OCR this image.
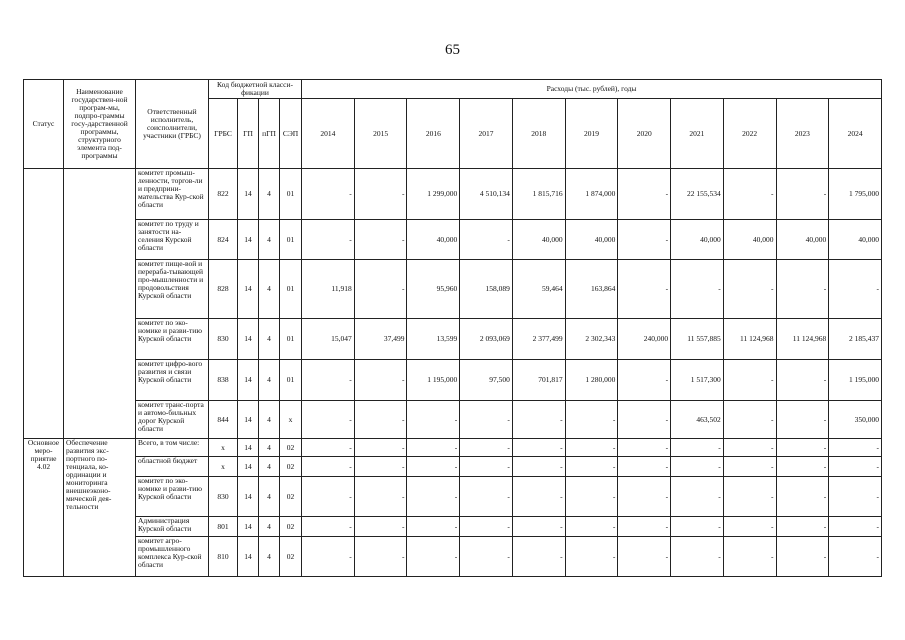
65
Статус	Наименование государствен-ной програм-мы, подпро-граммы госу-дарственной программы, структурного элемента под-программы	Ответственный исполнитель, соисполнители, участники (ГРБС)	Код бюджетной класси-фикации				Расходы (тыс. рублей), годы										
			ГРБС	ГП	пГП	СЭП	2014	2015	2016	2017	2018	2019	2020	2021	2022	2023	2024
		комитет промыш-ленности, торгов-ли и предприни-мательства Кур-ской области	822	14	4	01	-	-	1 299,000	4 510,134	1 815,716	1 874,000	-	22 155,534	-	-	1 795,000
		комитет по труду и занятости на-селения Курской области	824	14	4	01	-	-	40,000	-	40,000	40,000	-	40,000	40,000	40,000	40,000
		комитет пище-вой и перераба-тывающей про-мышленности и продовольствия Курской области	828	14	4	01	11,918	-	95,960	158,089	59,464	163,864	-	-	-	-	-
		комитет по эко-номике и разви-тию Курской области	830	14	4	01	15,047	37,499	13,599	2 093,069	2 377,499	2 302,343	240,000	11 557,885	11 124,968	11 124,968	2 185,437
		комитет цифро-вого развития и связи Курской области	838	14	4	01	-	-	1 195,000	97,500	701,817	1 280,000	-	1 517,300	-	-	1 195,000
		комитет транс-порта и автомо-бильных дорог Курской области	844	14	4	x	-	-	-	-	-	-	-	463,502	-	-	350,000
Основное меро-приятие 4.02	Обеспечение развития экс-портного по-тенциала, ко-ординации и мониторинга внешнеэконо-мической дея-тельности	Всего, в том числе:	x	14	4	02	-	-	-	-	-	-	-	-	-	-	-
		областной бюджет	x	14	4	02	-	-	-	-	-	-	-	-	-	-	-
		комитет по эко-номике и разви-тию Курской области	830	14	4	02	-	-	-	-	-	-	-	-	-	-	-
		Администрация Курской области	801	14	4	02	-	-	-	-	-	-	-	-	-	-	-
		комитет агро-промышленного комплекса Кур-ской области	810	14	4	02	-	-	-	-	-	-	-	-	-	-	-
